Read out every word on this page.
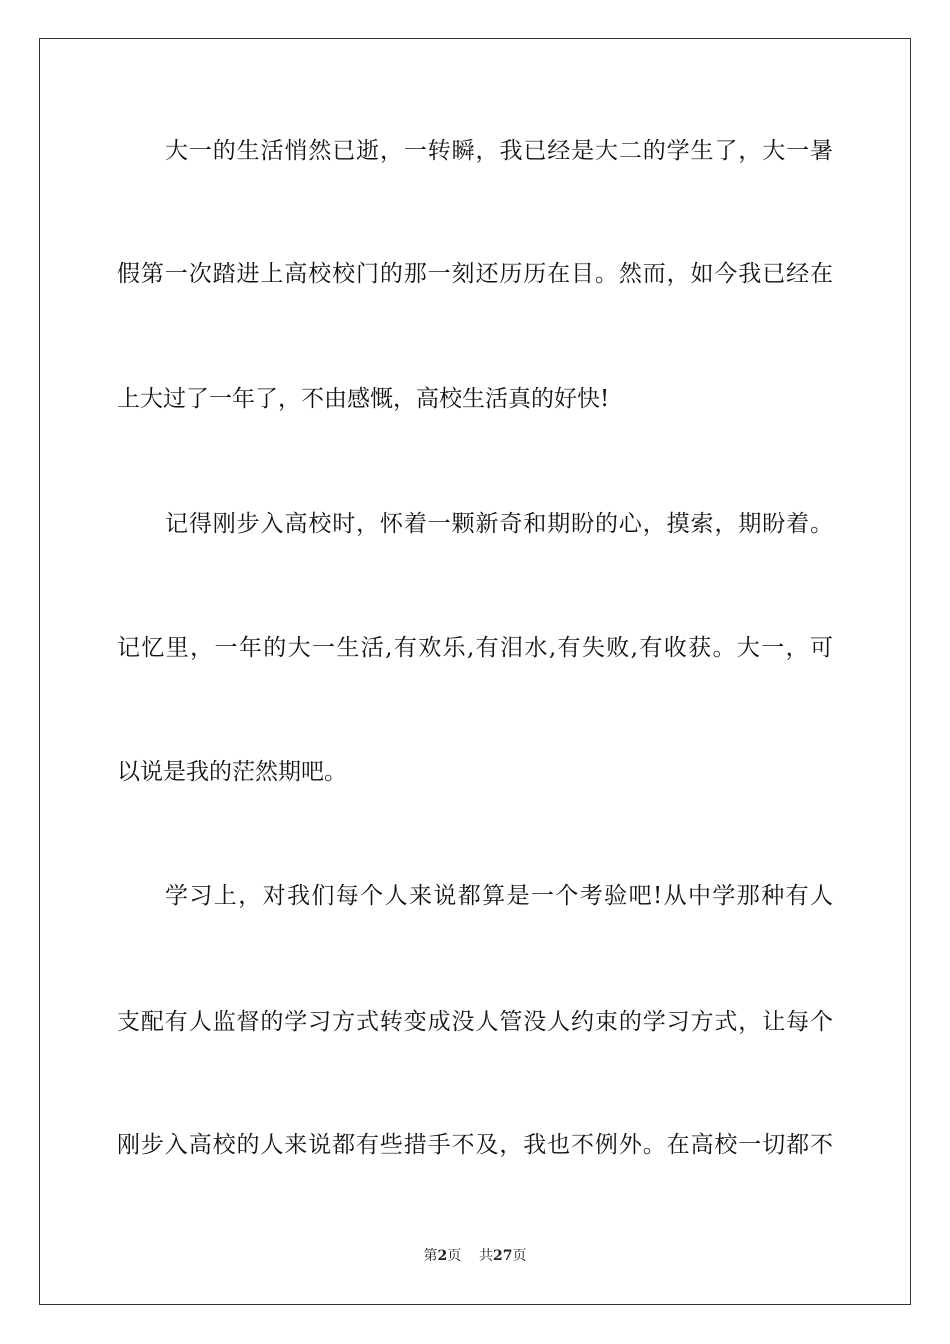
大一的生活悄然已逝，一转瞬，我已经是大二的学生了，大一暑
假第一次踏进上高校校门的那一刻还历历在目。然而，如今我已经在
上大过了一年了，不由感慨，高校生活真的好快!
记得刚步入高校时，怀着一颗新奇和期盼的心，摸索，期盼着。
记忆里，一年的大一生活,有欢乐,有泪水,有失败,有收获。大一，可
以说是我的茫然期吧。
学习上，对我们每个人来说都算是一个考验吧!从中学那种有人
支配有人监督的学习方式转变成没人管没人约束的学习方式，让每个
刚步入高校的人来说都有些措手不及，我也不例外。在高校一切都不
第2页 共27页
